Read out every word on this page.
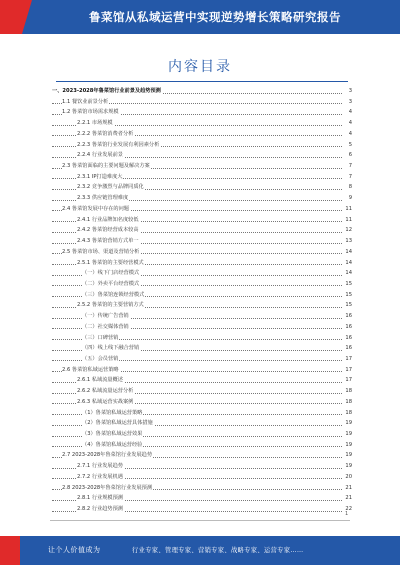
鲁菜馆从私域运营中实现逆势增长策略研究报告
内容目录
一、2023-2028年鲁菜馆行业前景及趋势预测	3
1.1 餐饮业前景分析	3
1.2 鲁菜馆市场需求规模	4
2.2.1 市场规模	4
2.2.2 鲁菜馆消费者分析	4
2.2.3 鲁菜馆行业发展有利因素分析	5
2.2.4 行业发展前景	6
2.3 鲁菜馆面临的主要问题及解决方案	7
2.3.1 IP打造难度大	7
2.3.2 竞争激烈与品牌同质化	8
2.3.3 供应链管理难度	9
2.4 鲁菜馆发展中存在的问题	11
2.4.1 行业品牌知名度较低	11
2.4.2 鲁菜馆经营成本较高	12
2.4.3 鲁菜馆营销方式单一	13
2.5 鲁菜馆市场、渠道及营销分析	14
2.5.1 鲁菜馆的主要经营模式	14
（一）线下门店经营模式	14
（二）外卖平台经营模式	15
（三）鲁菜馆连锁经营模式	15
2.5.2 鲁菜馆的主要营销方式	15
（一）传统广告营销	16
（二）社交媒体营销	16
（三）口碑营销	16
（四）线上线下融合营销	16
（五）会员营销	17
2.6 鲁菜馆私域运营策略	17
2.6.1 私域流量概述	17
2.6.2 私域流量运营分析	18
2.6.3 私域运营实战案例	18
（1）鲁菜馆私域运营策略	18
（2）鲁菜馆私域运营具体措施	19
（3）鲁菜馆私域运营效果	19
（4）鲁菜馆私域运营经验	19
2.7 2023-2028年鲁菜馆行业发展趋势	19
2.7.1 行业发展趋势	19
2.7.2 行业发展机遇	20
2.8 2023-2028年鲁菜馆行业发展预测	21
2.8.1 行业规模预测	21
2.8.2 行业趋势预测	22
1
让个人价值成为	行业专家、管理专家、营销专家、战略专家、运营专家……
